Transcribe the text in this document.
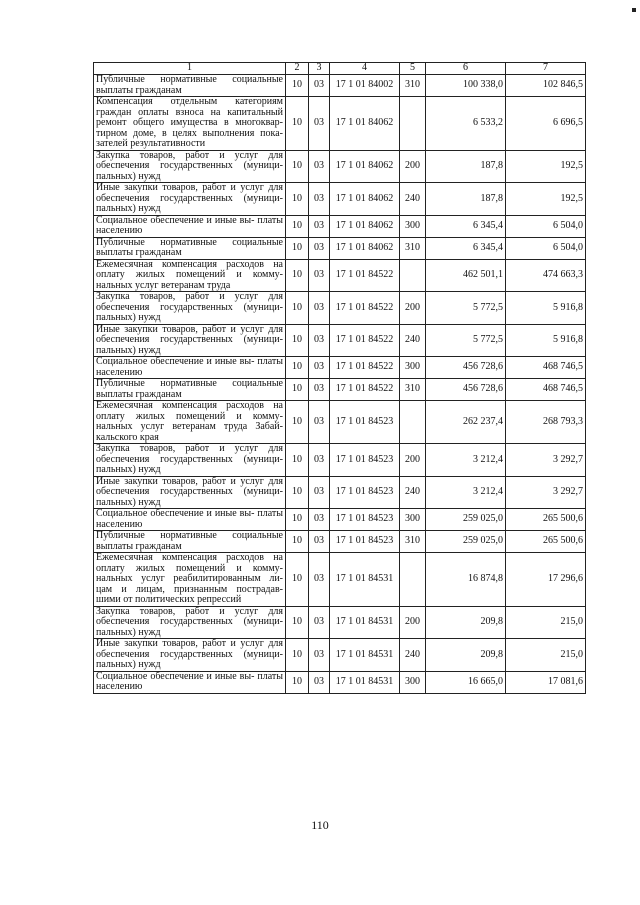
1	2	3	4	5	6	7
Публичные нормативные социальные выплаты гражданам	10	03	17 1 01 84002	310	100 338,0	102 846,5
Компенсация отдельным категориям граждан оплаты взноса на капитальный ремонт общего имущества в многоквар- тирном доме, в целях выполнения пока- зателей результативности	10	03	17 1 01 84062		6 533,2	6 696,5
Закупка товаров, работ и услуг для обеспечения государственных (муници- пальных) нужд	10	03	17 1 01 84062	200	187,8	192,5
Иные закупки товаров, работ и услуг для обеспечения государственных (муници- пальных) нужд	10	03	17 1 01 84062	240	187,8	192,5
Социальное обеспечение и иные вы- платы населению	10	03	17 1 01 84062	300	6 345,4	6 504,0
Публичные нормативные социальные выплаты гражданам	10	03	17 1 01 84062	310	6 345,4	6 504,0
Ежемесячная компенсация расходов на оплату жилых помещений и комму- нальных услуг ветеранам труда	10	03	17 1 01 84522		462 501,1	474 663,3
Закупка товаров, работ и услуг для обеспечения государственных (муници- пальных) нужд	10	03	17 1 01 84522	200	5 772,5	5 916,8
Иные закупки товаров, работ и услуг для обеспечения государственных (муници- пальных) нужд	10	03	17 1 01 84522	240	5 772,5	5 916,8
Социальное обеспечение и иные вы- платы населению	10	03	17 1 01 84522	300	456 728,6	468 746,5
Публичные нормативные социальные выплаты гражданам	10	03	17 1 01 84522	310	456 728,6	468 746,5
Ежемесячная компенсация расходов на оплату жилых помещений и комму- нальных услуг ветеранам труда Забай- кальского края	10	03	17 1 01 84523		262 237,4	268 793,3
Закупка товаров, работ и услуг для обеспечения государственных (муници- пальных) нужд	10	03	17 1 01 84523	200	3 212,4	3 292,7
Иные закупки товаров, работ и услуг для обеспечения государственных (муници- пальных) нужд	10	03	17 1 01 84523	240	3 212,4	3 292,7
Социальное обеспечение и иные вы- платы населению	10	03	17 1 01 84523	300	259 025,0	265 500,6
Публичные нормативные социальные выплаты гражданам	10	03	17 1 01 84523	310	259 025,0	265 500,6
Ежемесячная компенсация расходов на оплату жилых помещений и комму- нальных услуг реабилитированным ли- цам и лицам, признанным пострадав- шими от политических репрессий	10	03	17 1 01 84531		16 874,8	17 296,6
Закупка товаров, работ и услуг для обеспечения государственных (муници- пальных) нужд	10	03	17 1 01 84531	200	209,8	215,0
Иные закупки товаров, работ и услуг для обеспечения государственных (муници- пальных) нужд	10	03	17 1 01 84531	240	209,8	215,0
Социальное обеспечение и иные вы- платы населению	10	03	17 1 01 84531	300	16 665,0	17 081,6
110
